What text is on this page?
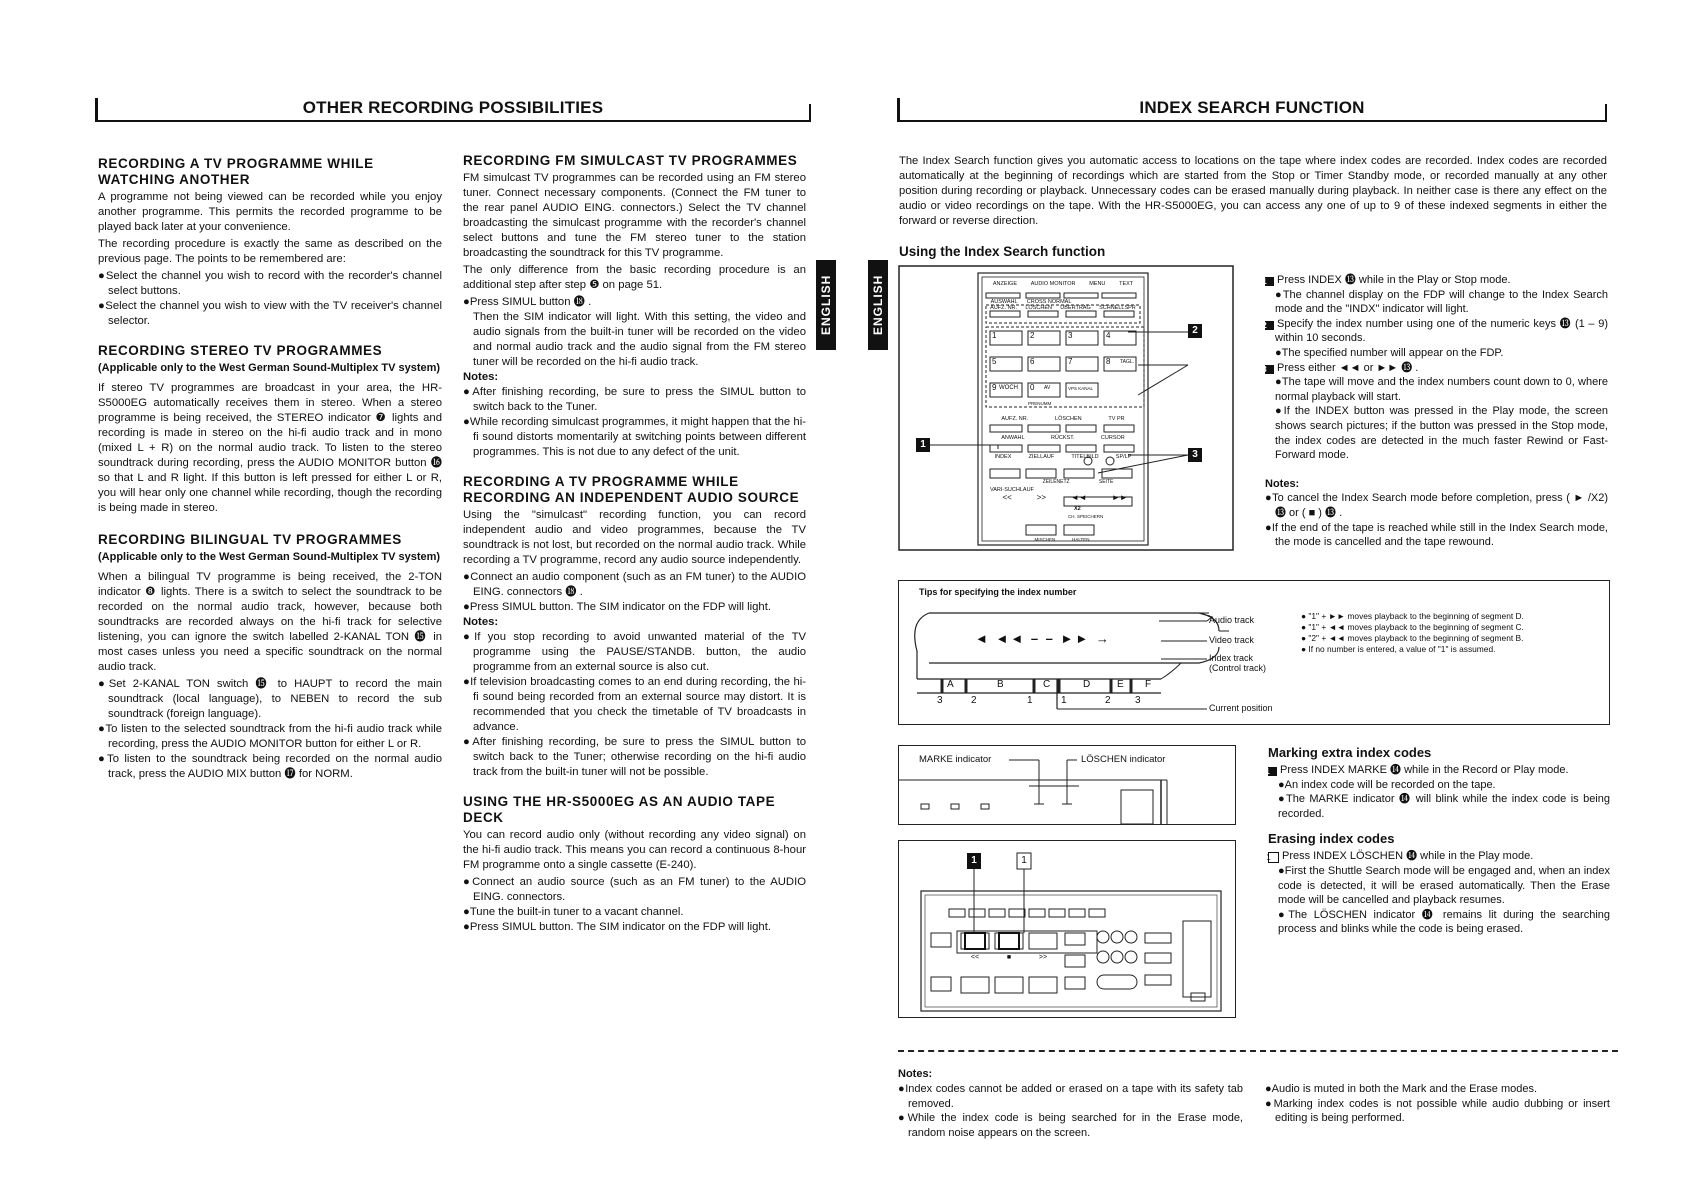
OTHER RECORDING POSSIBILITIES
RECORDING A TV PROGRAMME WHILE WATCHING ANOTHER

A programme not being viewed can be recorded while you enjoy another programme. This permits the recorded programme to be played back later at your convenience.

The recording procedure is exactly the same as described on the previous page. The points to be remembered are:

●Select the channel you wish to record with the recorder's channel select buttons.

●Select the channel you wish to view with the TV receiver's channel selector.

RECORDING STEREO TV PROGRAMMES
(Applicable only to the West German Sound-Multiplex TV system)

If stereo TV programmes are broadcast in your area, the HR-S5000EG automatically receives them in stereo. When a stereo programme is being received, the STEREO indicator ❼ lights and recording is made in stereo on the hi-fi audio track and in mono (mixed L + R) on the normal audio track. To listen to the stereo soundtrack during recording, press the AUDIO MONITOR button ⓰ so that L and R light. If this button is left pressed for either L or R, you will hear only one channel while recording, though the recording is being made in stereo.

RECORDING BILINGUAL TV PROGRAMMES
(Applicable only to the West German Sound-Multiplex TV system)

When a bilingual TV programme is being received, the 2-TON indicator ❽ lights. There is a switch to select the soundtrack to be recorded on the normal audio track, however, because both soundtracks are recorded always on the hi-fi track for selective listening, you can ignore the switch labelled 2-KANAL TON ⓯ in most cases unless you need a specific soundtrack on the normal audio track.

●Set 2-KANAL TON switch ⓯ to HAUPT to record the main soundtrack (local language), to NEBEN to record the sub soundtrack (foreign language).

●To listen to the selected soundtrack from the hi-fi audio track while recording, press the AUDIO MONITOR button for either L or R.

●To listen to the soundtrack being recorded on the normal audio track, press the AUDIO MIX button ⓱ for NORM.

RECORDING FM SIMULCAST TV PROGRAMMES

FM simulcast TV programmes can be recorded using an FM stereo tuner. Connect necessary components. (Connect the FM tuner to the rear panel AUDIO EING. connectors.) Select the TV channel broadcasting the simulcast programme with the recorder's channel select buttons and tune the FM stereo tuner to the station broadcasting the soundtrack for this TV programme.

The only difference from the basic recording procedure is an additional step after step ❺ on page 51.

●Press SIMUL button ⓲ .

Then the SIM indicator will light. With this setting, the video and audio signals from the built-in tuner will be recorded on the video and normal audio track and the audio signal from the FM stereo tuner will be recorded on the hi-fi audio track.

Notes:

●After finishing recording, be sure to press the SIMUL button to switch back to the Tuner.

●While recording simulcast programmes, it might happen that the hi-fi sound distorts momentarily at switching points between different programmes. This is not due to any defect of the unit.

RECORDING A TV PROGRAMME WHILE RECORDING AN INDEPENDENT AUDIO SOURCE

Using the "simulcast" recording function, you can record independent audio and video programmes, because the TV soundtrack is not lost, but recorded on the normal audio track. While recording a TV programme, record any audio source independently.

●Connect an audio component (such as an FM tuner) to the AUDIO EING. connectors ⓲ .

●Press SIMUL button. The SIM indicator on the FDP will light.

Notes:

●If you stop recording to avoid unwanted material of the TV programme using the PAUSE/STANDB. button, the audio programme from an external source is also cut.

●If television broadcasting comes to an end during recording, the hi-fi sound being recorded from an external source may distort. It is recommended that you check the timetable of TV broadcasts in advance.

●After finishing recording, be sure to press the SIMUL button to switch back to the Tuner; otherwise recording on the hi-fi audio track from the built-in tuner will not be possible.

USING THE HR-S5000EG AS AN AUDIO TAPE DECK

You can record audio only (without recording any video signal) on the hi-fi audio track. This means you can record a continuous 8-hour FM programme onto a single cassette (E-240).

●Connect an audio source (such as an FM tuner) to the AUDIO EING. connectors.

●Tune the built-in tuner to a vacant channel.

●Press SIMUL button. The SIM indicator on the FDP will light.

ENGLISH	ENGLISH
INDEX SEARCH FUNCTION

The Index Search function gives you automatic access to locations on the tape where index codes are recorded. Index codes are recorded automatically at the beginning of recordings which are started from the Stop or Timer Standby mode, or recorded manually at any other position during recording or playback. Unnecessary codes can be erased manually during playback. In neither case is there any effect on the audio or video recordings on the tape. With the HR-S5000EG, you can access any one of up to 9 of these indexed segments in either the forward or reverse direction.

Using the Index Search function
1
2
3
ANZEIGE AUDIO MONITOR MENU TEXT
AUSWAHL CROSS NORMAL
AUFZ. NR. LÖSCHEN ÜBERTRAG SCHNELLSPR
1	2	3	4
5	6	7	8
9	0
TAGL.
WOCH	AV	VPS KANAL
PRENUMM
AUFZ. NR.	LÖSCHEN	TV PR
ANWAHL	RÜCKST.	CURSOR
INDEX	ZIELLAUF	TITELBILD	SP/LP
ZEILENETZ	SEITE
VARI-SUCHLAUF
<<	>>	◄◄	►►
X2
CH. SPEICHERN
MISCHEN	HALTEN

1 Press INDEX ⓭ while in the Play or Stop mode.

●The channel display on the FDP will change to the Index Search mode and the "INDX" indicator will light.

2 Specify the index number using one of the numeric keys ⓭ (1 – 9) within 10 seconds.

●The specified number will appear on the FDP.

3 Press either ◄◄ or ►► ⓭ .

●The tape will move and the index numbers count down to 0, where normal playback will start.

●If the INDEX button was pressed in the Play mode, the screen shows search pictures; if the button was pressed in the Stop mode, the index codes are detected in the much faster Rewind or Fast-Forward mode.

Notes:

●To cancel the Index Search mode before completion, press ( ► /X2) ⓭ or ( ■ ) ⓭ .

●If the end of the tape is reached while still in the Index Search mode, the mode is cancelled and the tape rewound.

Tips for specifying the index number
◄ ◄◄ – – ►► →
A	B	C	D	E F
3	2	1	1	2 3
Audio track
Video track
Index track
(Control track)
Current position
● "1" + ►► moves playback to the beginning of segment D.
● "1" + ◄◄ moves playback to the beginning of segment C.
● "2" + ◄◄ moves playback to the beginning of segment B.
● If no number is entered, a value of "1" is assumed.
MARKE indicator	LÖSCHEN indicator
1	1
<<	■	>>
Marking extra index codes

1 Press INDEX MARKE ⓮ while in the Record or Play mode.

●An index code will be recorded on the tape.

●The MARKE indicator ⓮ will blink while the index code is being recorded.

Erasing index codes

1 Press INDEX LÖSCHEN ⓮ while in the Play mode.

●First the Shuttle Search mode will be engaged and, when an index code is detected, it will be erased automatically. Then the Erase mode will be cancelled and playback resumes.

●The LÖSCHEN indicator ⓮ remains lit during the searching process and blinks while the code is being erased.

Notes:

●Index codes cannot be added or erased on a tape with its safety tab removed.

●While the index code is being searched for in the Erase mode, random noise appears on the screen.

●Audio is muted in both the Mark and the Erase modes.

●Marking index codes is not possible while audio dubbing or insert editing is being performed.
